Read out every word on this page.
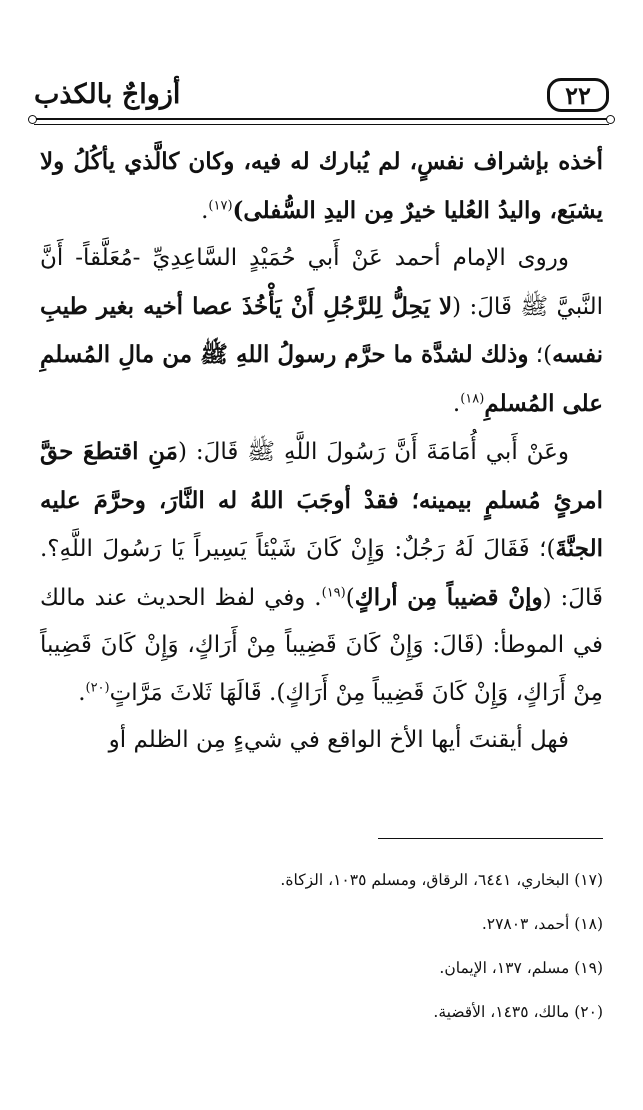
٢٢
أزواجٌ بالكذب

أخذه بإشراف نفسٍ، لم يُبارك له فيه، وكان كالَّذي يأكُلُ ولا يشبَع، واليدُ العُليا خيرٌ مِن اليدِ السُّفلى)$^{(١٧)}$.

وروى الإمام أحمد عَنْ أَبي حُمَيْدٍ السَّاعِدِيِّ -مُعَلَّقاً- أَنَّ النَّبيَّ ﷺ قَالَ: (لا يَحِلُّ لِلرَّجُلِ أَنْ يَأْخُذَ عصا أخيه بغير طيبِ نفسه)؛ وذلك لشدَّة ما حرَّم رسولُ اللهِ ﷺ من مالِ المُسلمِ على المُسلمِ$^{(١٨)}$.

وعَنْ أَبي أُمَامَةَ أَنَّ رَسُولَ اللَّهِ ﷺ قَالَ: (مَنِ اقتطعَ حقَّ امرئٍ مُسلمٍ بيمينه؛ فقدْ أوجَبَ اللهُ له النَّارَ، وحرَّمَ عليه الجنَّةَ)؛ فَقَالَ لَهُ رَجُلٌ: وَإِنْ كَانَ شَيْئاً يَسِيراً يَا رَسُولَ اللَّهِ؟. قَالَ: (وإنْ قضيباً مِن أراكٍ)$^{(١٩)}$. وفي لفظ الحديث عند مالك في الموطأ: (قَالَ: وَإِنْ كَانَ قَضِيباً مِنْ أَرَاكٍ، وَإِنْ كَانَ قَضِيباً مِنْ أَرَاكٍ، وَإِنْ كَانَ قَضِيباً مِنْ أَرَاكٍ). قَالَهَا ثَلاثَ مَرَّاتٍ$^{(٢٠)}$.

فهل أيقنتَ أيها الأخ الواقع في شيءٍ مِن الظلم أو

(١٧) البخاري، ٦٤٤١، الرقاق، ومسلم ١٠٣٥، الزكاة.

(١٨) أحمد، ٢٧٨٠٣.

(١٩) مسلم، ١٣٧، الإيمان.

(٢٠) مالك، ١٤٣٥، الأقضية.
